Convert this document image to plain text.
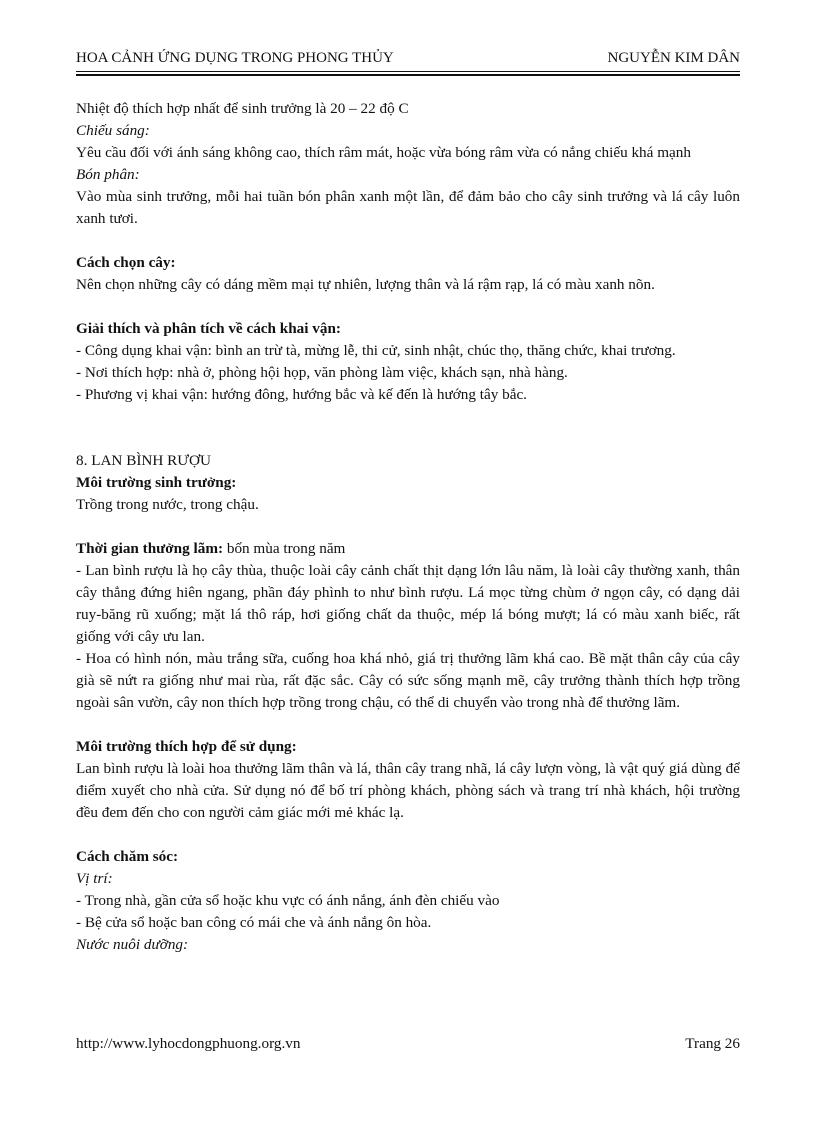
HOA CẢNH ỨNG DỤNG TRONG PHONG THỦY	NGUYỄN KIM DÂN

Nhiệt độ thích hợp nhất để sinh trưởng là 20 – 22 độ C

Chiếu sáng:

Yêu cầu đối với ánh sáng không cao, thích râm mát, hoặc vừa bóng râm vừa có nắng chiếu khá mạnh

Bón phân:

Vào mùa sinh trưởng, mỗi hai tuần bón phân xanh một lần, để đảm bảo cho cây sinh trưởng và lá cây luôn xanh tươi.

Cách chọn cây:

Nên chọn những cây có dáng mềm mại tự nhiên, lượng thân và lá rậm rạp, lá có màu xanh nõn.

Giải thích và phân tích về cách khai vận:

- Công dụng khai vận: bình an trừ tà, mừng lễ, thi cử, sinh nhật, chúc thọ, thăng chức, khai trương.

- Nơi thích hợp: nhà ở, phòng hội họp, văn phòng làm việc, khách sạn, nhà hàng.

- Phương vị khai vận: hướng đông, hướng bắc và kế đến là hướng tây bắc.

8. LAN BÌNH RƯỢU

Môi trường sinh trưởng:

Trồng trong nước, trong chậu.

Thời gian thưởng lãm: bốn mùa trong năm

- Lan bình rượu là họ cây thùa, thuộc loài cây cảnh chất thịt dạng lớn lâu năm, là loài cây thường xanh, thân cây thẳng đứng hiên ngang, phần đáy phình to như bình rượu. Lá mọc từng chùm ở ngọn cây, có dạng dải ruy-băng rũ xuống; mặt lá thô ráp, hơi giống chất da thuộc, mép lá bóng mượt; lá có màu xanh biếc, rất giống với cây ưu lan.

- Hoa có hình nón, màu trắng sữa, cuống hoa khá nhỏ, giá trị thưởng lãm khá cao. Bề mặt thân cây của cây già sẽ nứt ra giống như mai rùa, rất đặc sắc. Cây có sức sống mạnh mẽ, cây trưởng thành thích hợp trồng ngoài sân vườn, cây non thích hợp trồng trong chậu, có thể di chuyển vào trong nhà để thưởng lãm.

Môi trường thích hợp để sử dụng:

Lan bình rượu là loài hoa thưởng lãm thân và lá, thân cây trang nhã, lá cây lượn vòng, là vật quý giá dùng để điểm xuyết cho nhà cửa. Sử dụng nó để bố trí phòng khách, phòng sách và trang trí nhà khách, hội trường đều đem đến cho con người cảm giác mới mẻ khác lạ.

Cách chăm sóc:

Vị trí:

- Trong nhà, gần cửa sổ hoặc khu vực có ánh nắng, ánh đèn chiếu vào

- Bệ cửa sổ hoặc ban công có mái che và ánh nắng ôn hòa.

Nước nuôi dưỡng:

http://www.lyhocdongphuong.org.vn	Trang 26
